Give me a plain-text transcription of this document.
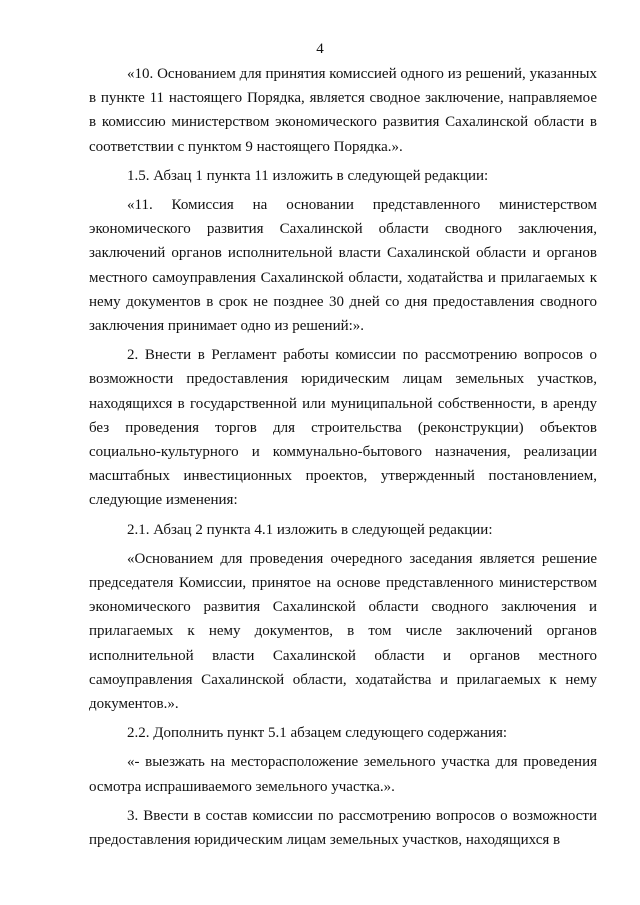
4

«10. Основанием для принятия комиссией одного из решений, указанных в пункте 11 настоящего Порядка, является сводное заключение, направляемое в комиссию министерством экономического развития Сахалинской области в соответствии с пунктом 9 настоящего Порядка.».

1.5. Абзац 1 пункта 11 изложить в следующей редакции:

«11. Комиссия на основании представленного министерством экономического развития Сахалинской области сводного заключения, заключений органов исполнительной власти Сахалинской области и органов местного самоуправления Сахалинской области, ходатайства и прилагаемых к нему документов в срок не позднее 30 дней со дня предоставления сводного заключения принимает одно из решений:».

2. Внести в Регламент работы комиссии по рассмотрению вопросов о возможности предоставления юридическим лицам земельных участков, находящихся в государственной или муниципальной собственности, в аренду без проведения торгов для строительства (реконструкции) объектов социально-культурного и коммунально-бытового назначения, реализации масштабных инвестиционных проектов, утвержденный постановлением, следующие изменения:

2.1. Абзац 2 пункта 4.1 изложить в следующей редакции:

«Основанием для проведения очередного заседания является решение председателя Комиссии, принятое на основе представленного министерством экономического развития Сахалинской области сводного заключения и прилагаемых к нему документов, в том числе заключений органов исполнительной власти Сахалинской области и органов местного самоуправления Сахалинской области, ходатайства и прилагаемых к нему документов.».

2.2. Дополнить пункт 5.1 абзацем следующего содержания:

«- выезжать на месторасположение земельного участка для проведения осмотра испрашиваемого земельного участка.».

3. Ввести в состав комиссии по рассмотрению вопросов о возможности предоставления юридическим лицам земельных участков, находящихся в
